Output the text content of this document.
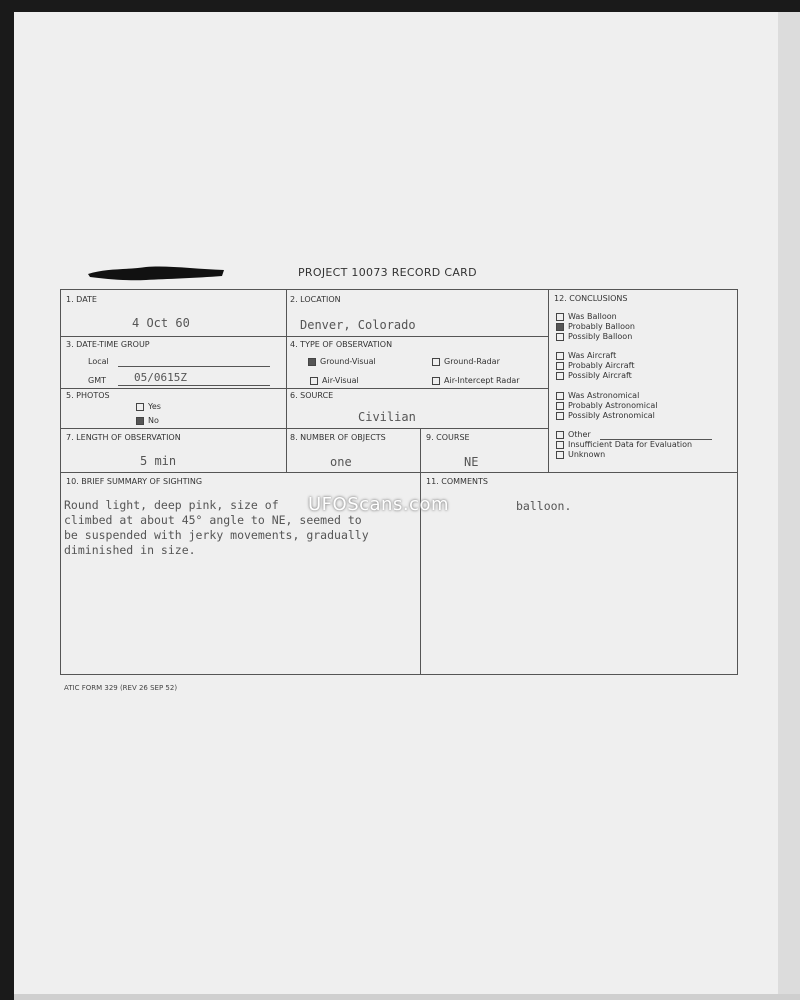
PROJECT 10073 RECORD CARD
1. DATE
4 Oct 60
2. LOCATION
Denver, Colorado
3. DATE-TIME GROUP
Local
GMT	05/0615Z
4. TYPE OF OBSERVATION
Ground-Visual	Ground-Radar
Air-Visual	Air-Intercept Radar
5. PHOTOS
Yes
No
6. SOURCE
Civilian
7. LENGTH OF OBSERVATION
5 min
8. NUMBER OF OBJECTS
one
9. COURSE
NE
12. CONCLUSIONS
Was Balloon
Probably Balloon
Possibly Balloon
Was Aircraft
Probably Aircraft
Possibly Aircraft
Was Astronomical
Probably Astronomical
Possibly Astronomical
Other
Insufficient Data for Evaluation
Unknown
10. BRIEF SUMMARY OF SIGHTING
Round light, deep pink, size of
climbed at about 45° angle to NE, seemed to
be suspended with jerky movements, gradually
diminished in size.
11. COMMENTS
balloon.
UFOScans.com
ATIC FORM 329 (REV 26 SEP 52)
